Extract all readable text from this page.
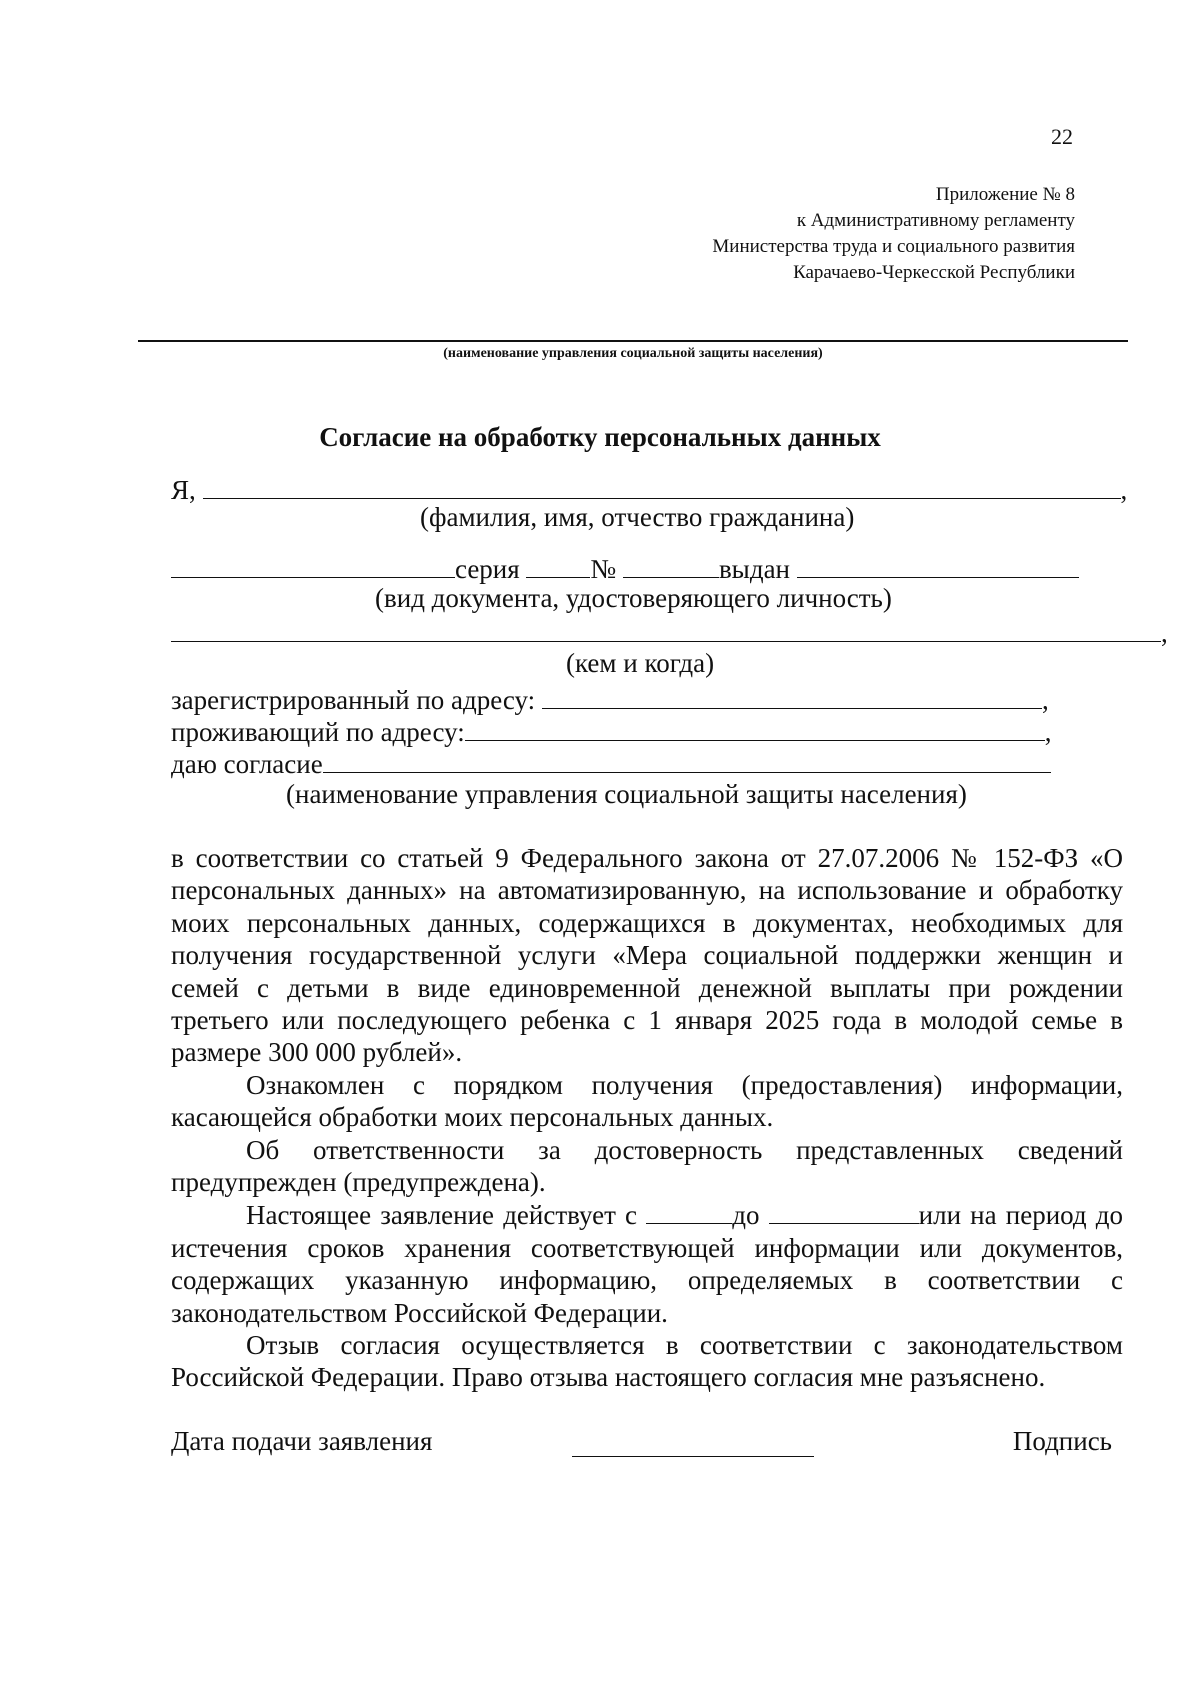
22
Приложение № 8
к Административному регламенту
Министерства труда и социального развития
Карачаево-Черкесской Республики
(наименование управления социальной защиты населения)
Согласие на обработку персональных данных
Я,	,
(фамилия, имя, отчество гражданина)
серия	№	выдан
(вид документа, удостоверяющего личность)
,
(кем и когда)
зарегистрированный по адресу:	,
проживающий по адресу:	,
даю согласие
(наименование управления социальной защиты населения)

в соответствии со статьей 9 Федерального закона от 27.07.2006 № 152-ФЗ «О персональных данных» на автоматизированную, на использование и обработку моих персональных данных, содержащихся в документах, необходимых для получения государственной услуги «Мера социальной поддержки женщин и семей с детьми в виде единовременной денежной выплаты при рождении третьего или последующего ребенка с 1 января 2025 года в молодой семье в размере 300 000 рублей».

Ознакомлен с порядком получения (предоставления) информации, касающейся обработки моих персональных данных.

Об ответственности за достоверность представленных сведений предупрежден (предупреждена).

Настоящее заявление действует с	до	или на период до истечения сроков хранения соответствующей информации или документов, содержащих указанную информацию, определяемых в соответствии с законодательством Российской Федерации.

Отзыв согласия осуществляется в соответствии с законодательством Российской Федерации. Право отзыва настоящего согласия мне разъяснено.

Дата подачи заявления	Подпись
